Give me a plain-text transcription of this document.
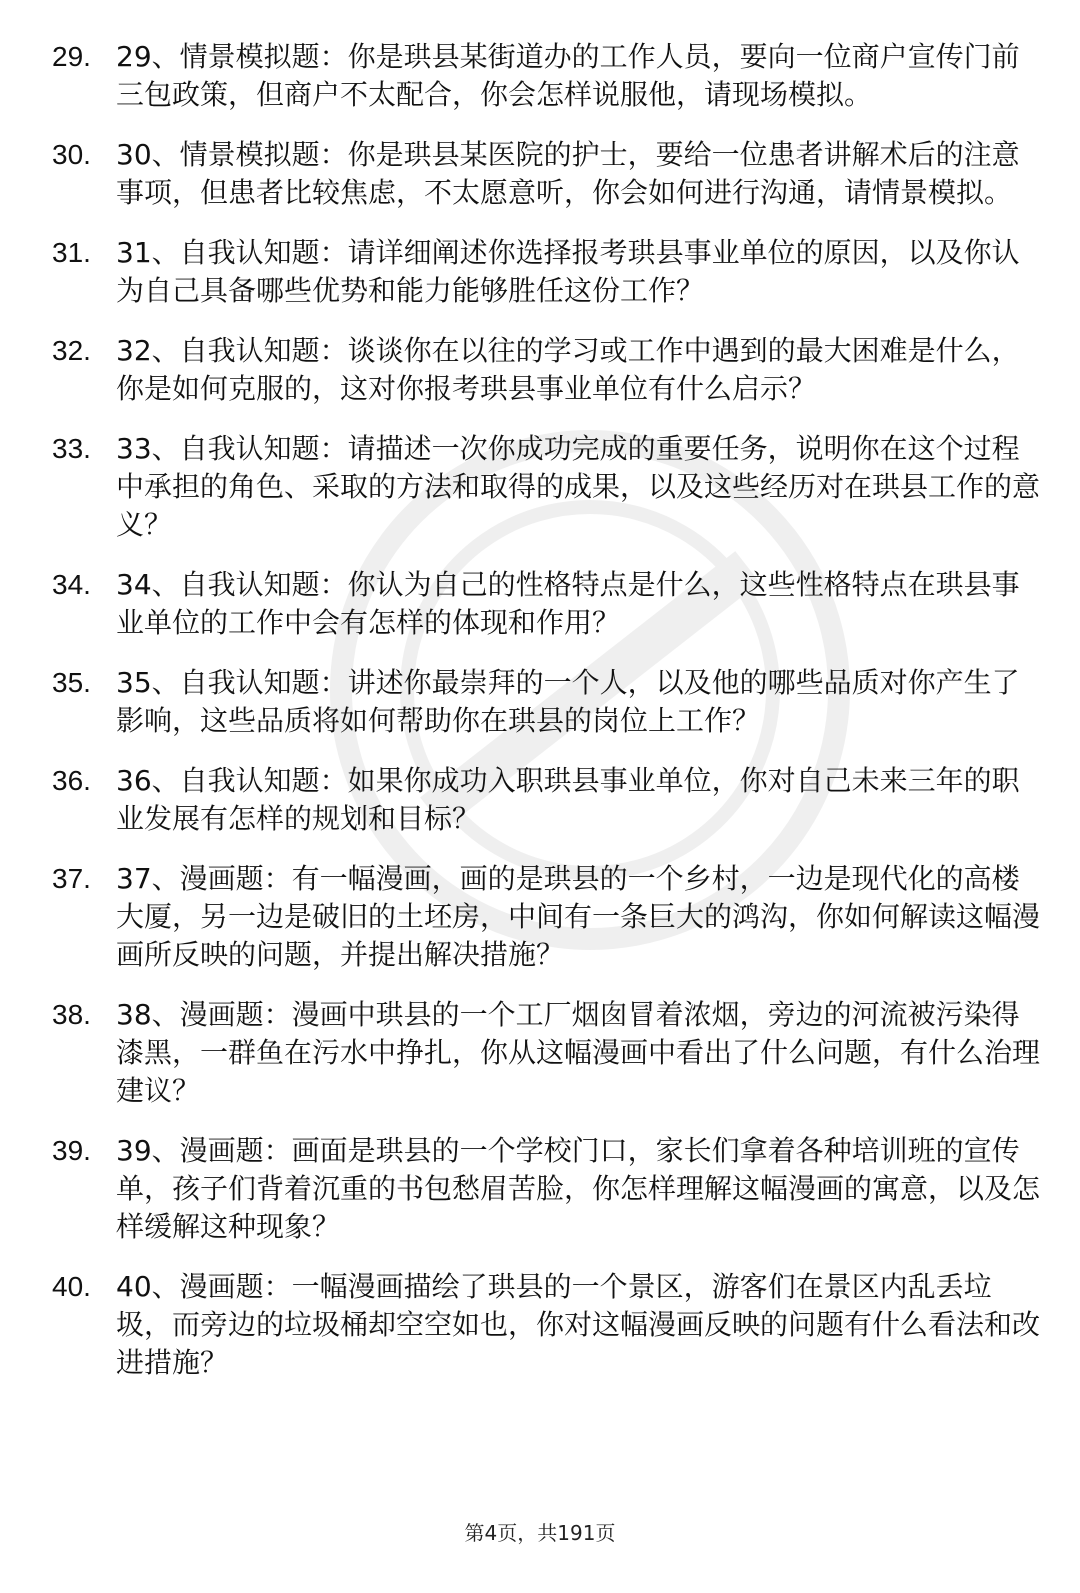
29. 29、情景模拟题：你是珙县某街道办的工作人员，要向一位商户宣传门前三包政策，但商户不太配合，你会怎样说服他，请现场模拟。
30. 30、情景模拟题：你是珙县某医院的护士，要给一位患者讲解术后的注意事项，但患者比较焦虑，不太愿意听，你会如何进行沟通，请情景模拟。
31. 31、自我认知题：请详细阐述你选择报考珙县事业单位的原因，以及你认为自己具备哪些优势和能力能够胜任这份工作？
32. 32、自我认知题：谈谈你在以往的学习或工作中遇到的最大困难是什么，你是如何克服的，这对你报考珙县事业单位有什么启示？
33. 33、自我认知题：请描述一次你成功完成的重要任务，说明你在这个过程中承担的角色、采取的方法和取得的成果，以及这些经历对在珙县工作的意义？
34. 34、自我认知题：你认为自己的性格特点是什么，这些性格特点在珙县事业单位的工作中会有怎样的体现和作用？
35. 35、自我认知题：讲述你最崇拜的一个人，以及他的哪些品质对你产生了影响，这些品质将如何帮助你在珙县的岗位上工作？
36. 36、自我认知题：如果你成功入职珙县事业单位，你对自己未来三年的职业发展有怎样的规划和目标？
37. 37、漫画题：有一幅漫画，画的是珙县的一个乡村，一边是现代化的高楼大厦，另一边是破旧的土坯房，中间有一条巨大的鸿沟，你如何解读这幅漫画所反映的问题，并提出解决措施？
38. 38、漫画题：漫画中珙县的一个工厂烟囱冒着浓烟，旁边的河流被污染得漆黑，一群鱼在污水中挣扎，你从这幅漫画中看出了什么问题，有什么治理建议？
39. 39、漫画题：画面是珙县的一个学校门口，家长们拿着各种培训班的宣传单，孩子们背着沉重的书包愁眉苦脸，你怎样理解这幅漫画的寓意，以及怎样缓解这种现象？
40. 40、漫画题：一幅漫画描绘了珙县的一个景区，游客们在景区内乱丢垃圾，而旁边的垃圾桶却空空如也，你对这幅漫画反映的问题有什么看法和改进措施？
第4页，共191页
